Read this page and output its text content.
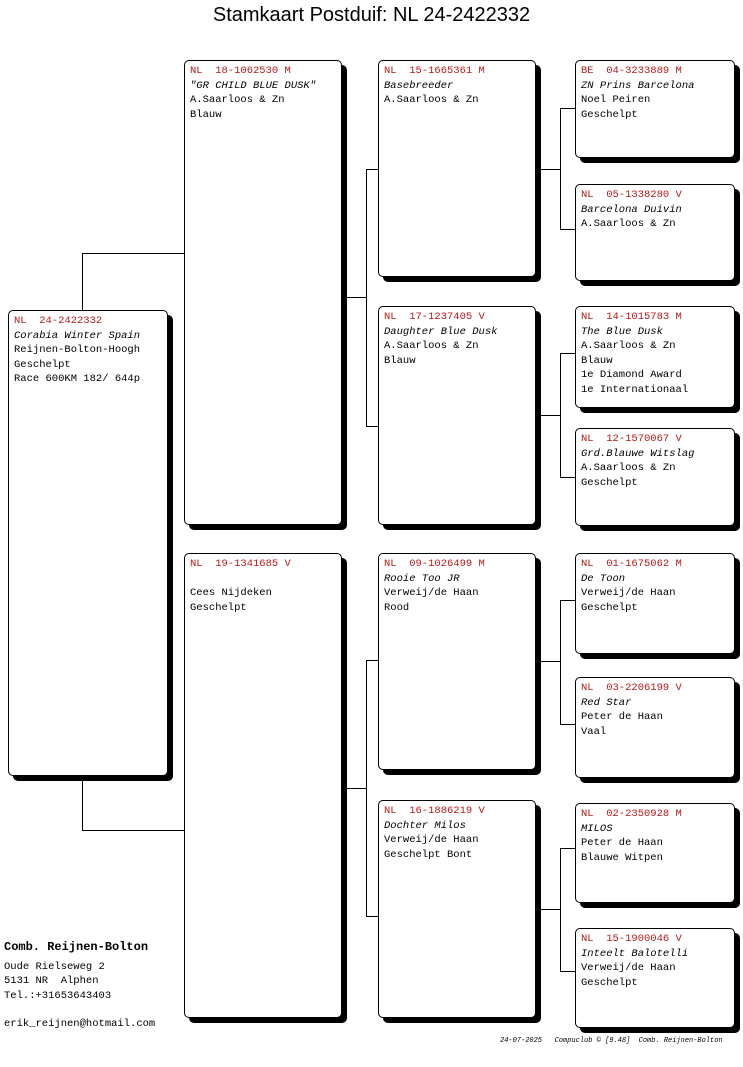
Stamkaart Postduif: NL 24-2422332
NL  24-2422332
Corabia Winter Spain
Reijnen-Bolton-Hoogh
Geschelpt
Race 600KM 182/ 644p
NL  18-1062530 M
"GR CHILD BLUE DUSK"
A.Saarloos & Zn
Blauw
NL  19-1341685 V

Cees Nijdeken
Geschelpt
NL  15-1665361 M
Basebreeder
A.Saarloos & Zn
NL  17-1237405 V
Daughter Blue Dusk
A.Saarloos & Zn
Blauw
NL  09-1026499 M
Rooie Too JR
Verweij/de Haan
Rood
NL  16-1886219 V
Dochter Milos
Verweij/de Haan
Geschelpt Bont
BE  04-3233889 M
ZN Prins Barcelona
Noel Peiren
Geschelpt
NL  05-1338280 V
Barcelona Duivin
A.Saarloos & Zn
NL  14-1015783 M
The Blue Dusk
A.Saarloos & Zn
Blauw
1e Diamond Award
1e Internationaal
NL  12-1570067 V
Grd.Blauwe Witslag
A.Saarloos & Zn
Geschelpt
NL  01-1675062 M
De Toon
Verweij/de Haan
Geschelpt
NL  03-2206199 V
Red Star
Peter de Haan
Vaal
NL  02-2350928 M
MILOS
Peter de Haan
Blauwe Witpen
NL  15-1900046 V
Inteelt Balotelli
Verweij/de Haan
Geschelpt
Comb. Reijnen-Bolton
Oude Rielseweg 2
5131 NR  Alphen
Tel.:+31653643403
erik_reijnen@hotmail.com
24-07-2025   Compuclub © [9.48]  Comb. Reijnen-Bolton
